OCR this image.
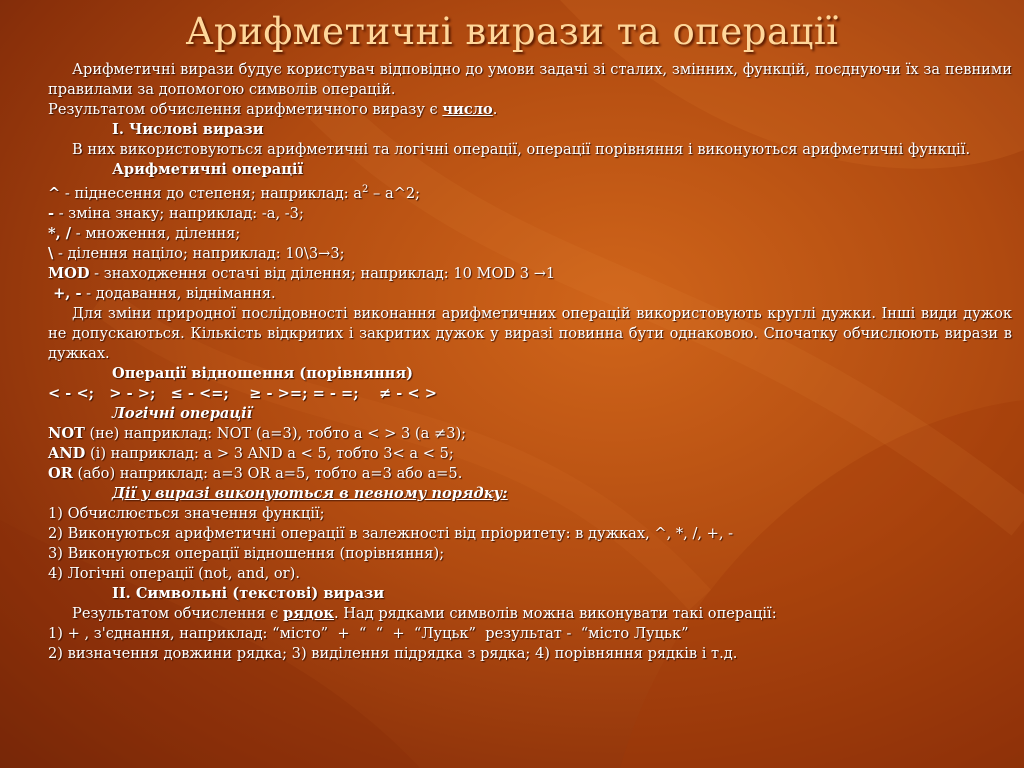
Арифметичні вирази та операції

Арифметичні вирази будує користувач відповідно до умови задачі зі сталих, змінних, функцій, поєднуючи їх за певними правилами за допомогою символів операцій.

Результатом обчислення арифметичного виразу є число.

I. Числові вирази

В них використовуються арифметичні та логічні операції, операції порівняння і виконуються арифметичні функції.

Арифметичні операції

^ - піднесення до степеня; наприклад: $a^2$ – a^2;

- - зміна знаку; наприклад: -a, -3;

*, / - множення, ділення;

\ - ділення націло; наприклад: 10\3→3;

MOD - знаходження остачі від ділення; наприклад: 10 MOD 3 →1

+, - - додавання, віднімання.

Для зміни природної послідовності виконання арифметичних операцій використовують круглі дужки. Інші види дужок не допускаються. Кількість відкритих і закритих дужок у виразі повинна бути однаковою. Спочатку обчислюють вирази в дужках.

Операції відношення (порівняння)

< - <;   > - >;   ≤ - <=;    ≥ - >=; = - =;    ≠ - < >

Логічні операції

NOT (не) наприклад: NOT (a=3), тобто a < > 3 (a ≠3);

AND (і) наприклад: a > 3 AND a < 5, тобто 3< a < 5;

OR (або) наприклад: a=3 OR a=5, тобто a=3 або a=5.

Дії у виразі виконуються в певному порядку:

1) Обчислюється значення функції;

2) Виконуються арифметичні операції в залежності від пріоритету: в дужках, ^, *, /, +, -

3) Виконуються операції відношення (порівняння);

4) Логічні операції (not, and, or).

II. Символьні (текстові) вирази

Результатом обчислення є рядок. Над рядками символів можна виконувати такі операції:

1) + , з'єднання, наприклад: “місто”  +  “  “  +  “Луцьк”  результат -  “місто Луцьк”

2) визначення довжини рядка; 3) виділення підрядка з рядка; 4) порівняння рядків і т.д.
